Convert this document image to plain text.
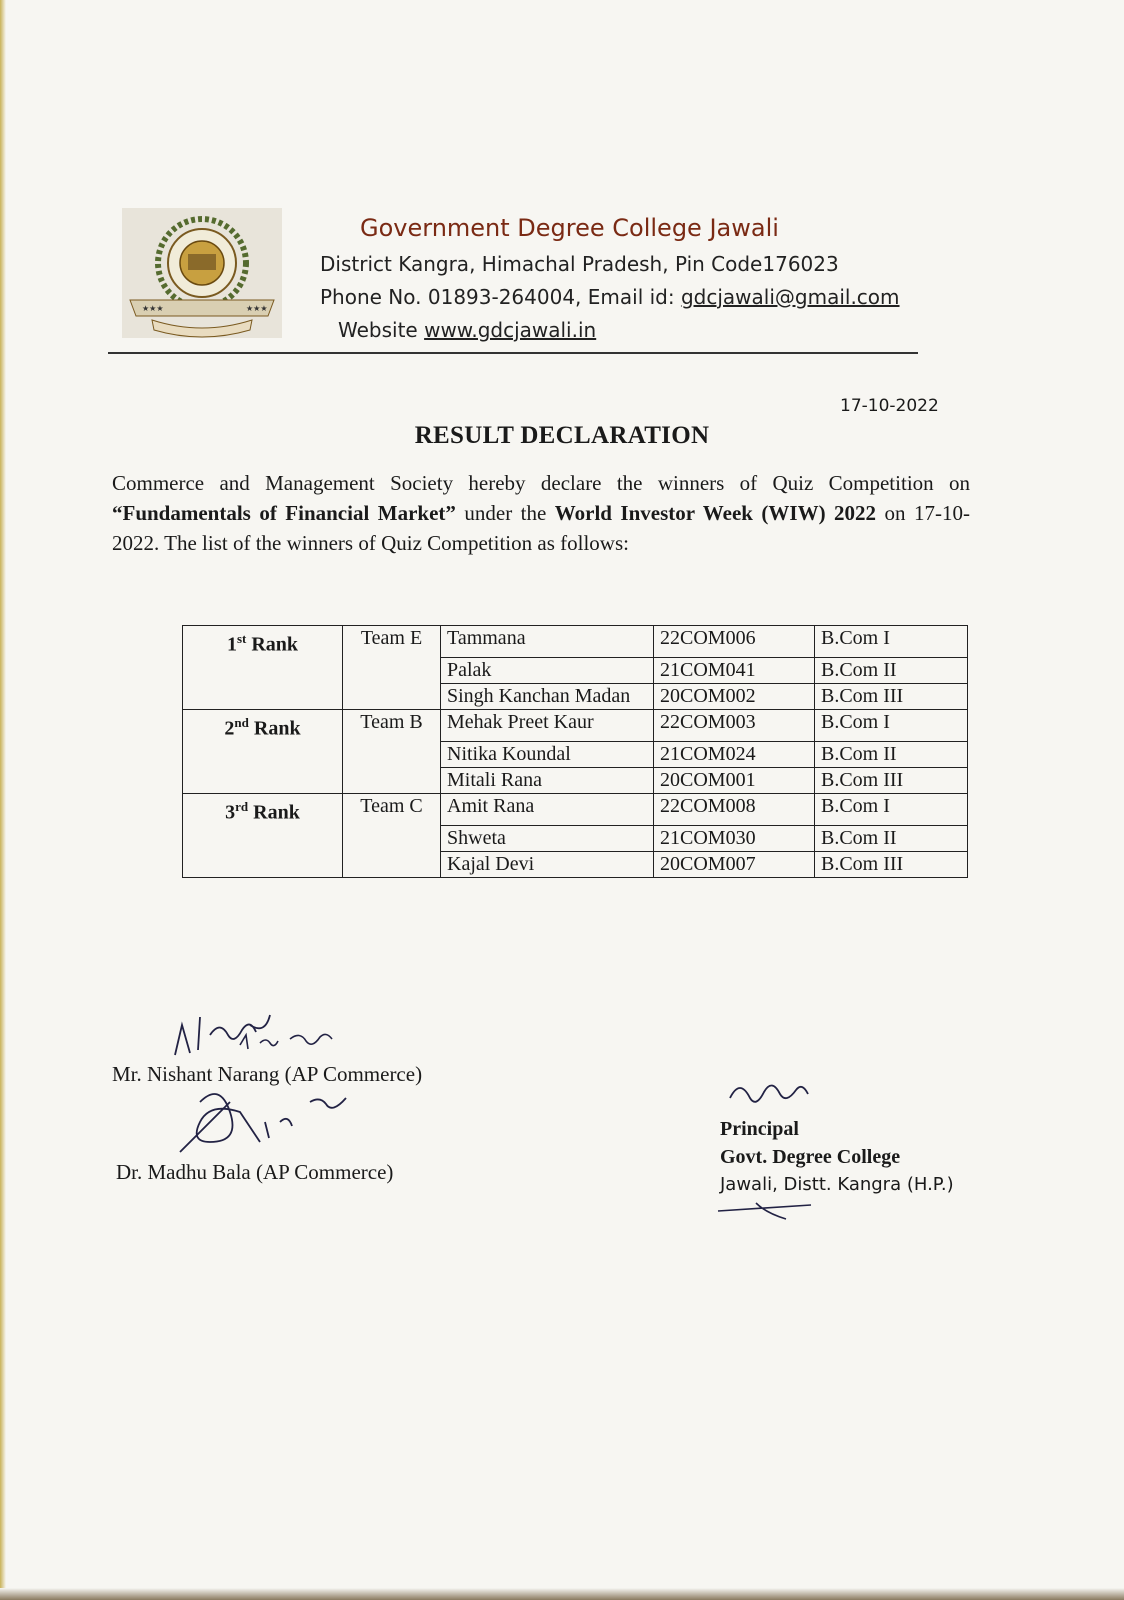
★★★	★★★
Government Degree College Jawali
District Kangra, Himachal Pradesh, Pin Code176023
Phone No. 01893-264004, Email id: gdcjawali@gmail.com
Website www.gdcjawali.in
17-10-2022
RESULT DECLARATION
Commerce and Management Society hereby declare the winners of Quiz Competition on “Fundamentals of Financial Market” under the World Investor Week (WIW) 2022 on 17-10-2022. The list of the winners of Quiz Competition as follows:
1st Rank	Team E	Tammana	22COM006	B.Com I
		Palak	21COM041	B.Com II
		Singh Kanchan Madan	20COM002	B.Com III
2nd Rank	Team B	Mehak Preet Kaur	22COM003	B.Com I
		Nitika Koundal	21COM024	B.Com II
		Mitali Rana	20COM001	B.Com III
3rd Rank	Team C	Amit Rana	22COM008	B.Com I
		Shweta	21COM030	B.Com II
		Kajal Devi	20COM007	B.Com III
Mr. Nishant Narang (AP Commerce)
Dr. Madhu Bala (AP Commerce)
Principal
Govt. Degree College
Jawali, Distt. Kangra (H.P.)
